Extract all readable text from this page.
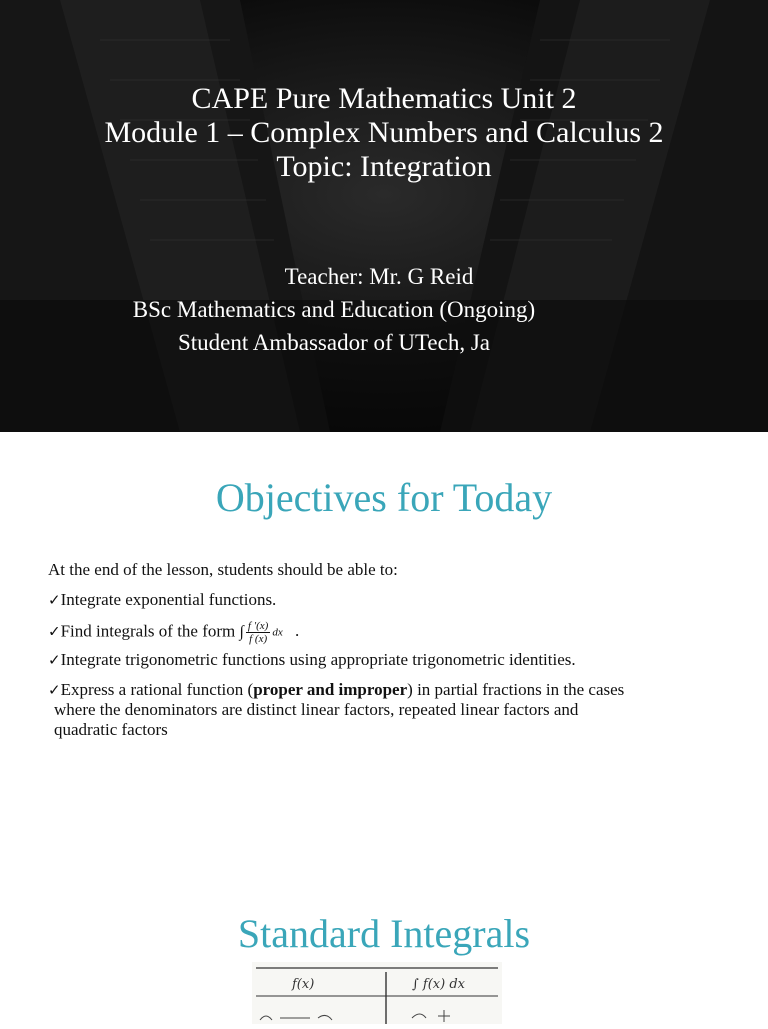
CAPE Pure Mathematics Unit 2
Module 1 – Complex Numbers and Calculus 2
Topic: Integration
Teacher: Mr. G Reid
BSc Mathematics and Education (Ongoing)
Student Ambassador of UTech, Ja
Objectives for Today
At the end of the lesson, students should be able to:
✓Integrate exponential functions.
✓Find integrals of the form ∫ $\frac{f '(x)}{f (x)}$ dx .
✓Integrate trigonometric functions using appropriate trigonometric identities.
✓Express a rational function (proper and improper) in partial fractions in the cases
where the denominators are distinct linear factors, repeated linear factors and
quadratic factors
Standard Integrals
f(x)	∫ f(x) dx
